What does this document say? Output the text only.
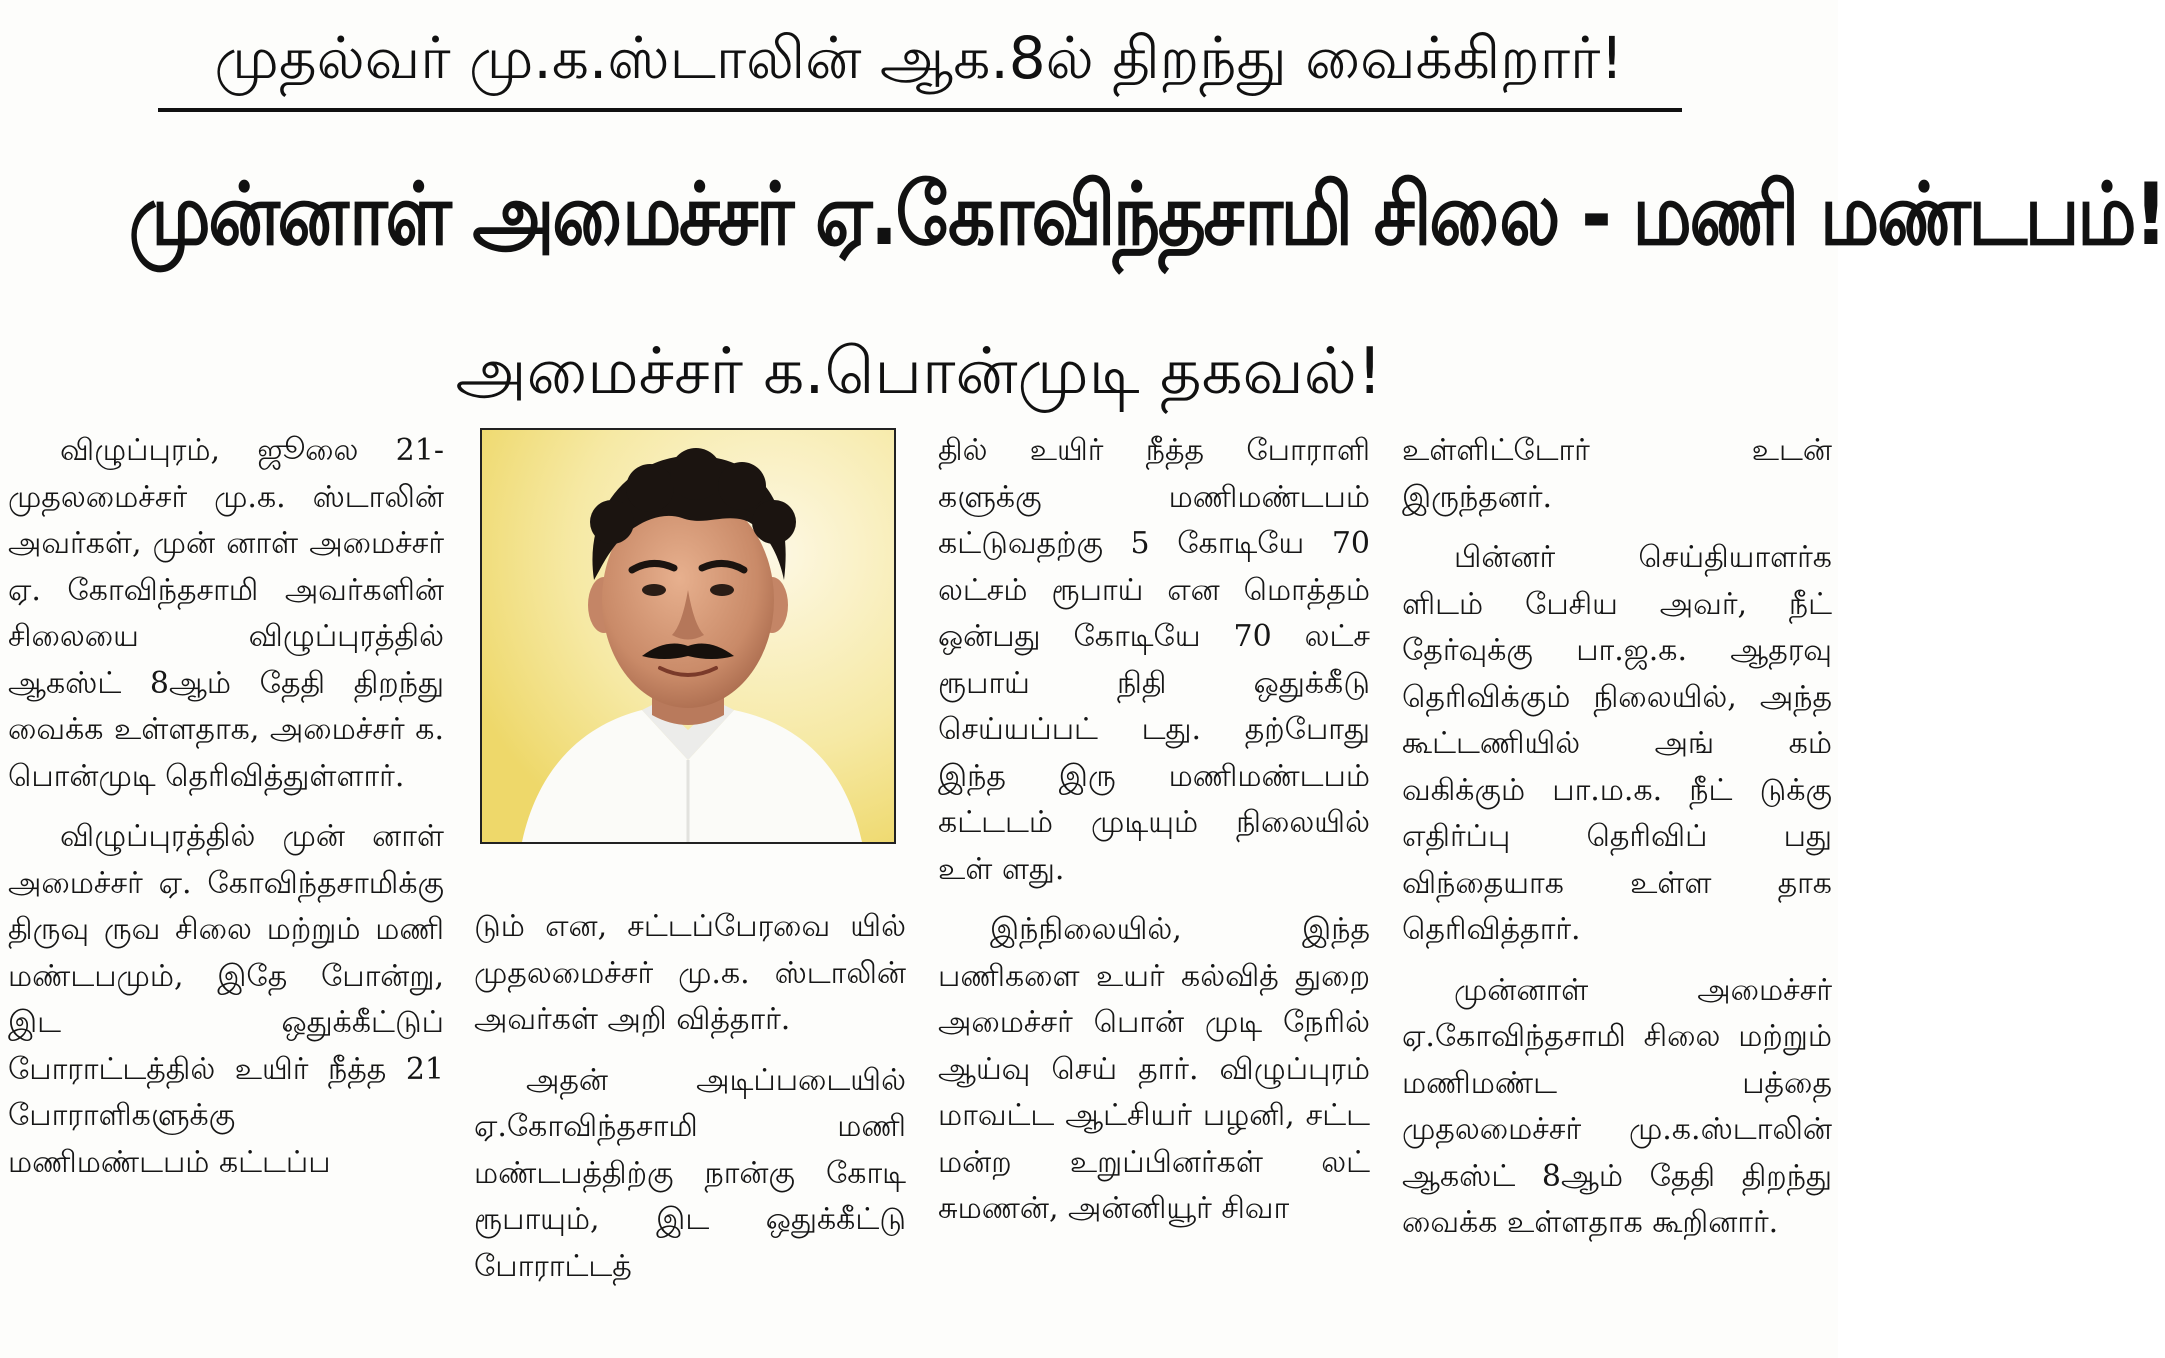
முதல்வர் மு.க.ஸ்டாலின் ஆக.8ல் திறந்து வைக்கிறார்!
முன்னாள் அமைச்சர் ஏ.கோவிந்தசாமி சிலை - மணி மண்டபம்!
அமைச்சர் க.பொன்முடி தகவல்!

விழுப்புரம், ஜூலை 21- முதலமைச்சர் மு.க. ஸ்டாலின் அவர்கள், முன் னாள் அமைச்சர் ஏ. கோவிந்தசாமி அவர்களின் சிலையை விழுப்புரத்தில் ஆகஸ்ட் 8ஆம் தேதி திறந்து வைக்க உள்ளதாக, அமைச்சர் க. பொன்முடி தெரிவித்துள்ளார்.

விழுப்புரத்தில் முன் னாள் அமைச்சர் ஏ. கோவிந்தசாமிக்கு திருவு ருவ சிலை மற்றும் மணி மண்டபமும், இதே போன்று, இட ஒதுக்கீட்டுப் போராட்டத்தில் உயிர் நீத்த 21 போராளிகளுக்கு மணிமண்டபம் கட்டப்ப

டும் என, சட்டப்பேரவை யில் முதலமைச்சர் மு.க. ஸ்டாலின் அவர்கள் அறி வித்தார்.

அதன் அடிப்படையில் ஏ.கோவிந்தசாமி மணி மண்டபத்திற்கு நான்கு கோடி ரூபாயும், இட ஒதுக்கீட்டு போராட்டத்

தில் உயிர் நீத்த போராளி களுக்கு மணிமண்டபம் கட்டுவதற்கு 5 கோடியே 70 லட்சம் ரூபாய் என மொத்தம் ஒன்பது கோடியே 70 லட்ச ரூபாய் நிதி ஒதுக்கீடு செய்யப்பட் டது. தற்போது இந்த இரு மணிமண்டபம் கட்டடம் முடியும் நிலையில் உள் ளது.

இந்நிலையில், இந்த பணிகளை உயர் கல்வித் துறை அமைச்சர் பொன் முடி நேரில் ஆய்வு செய் தார். விழுப்புரம் மாவட்ட ஆட்சியர் பழனி, சட்ட மன்ற உறுப்பினர்கள் லட் சுமணன், அன்னியூர் சிவா

உள்ளிட்டோர் உடன் இருந்தனர்.

பின்னர் செய்தியாளர்க ளிடம் பேசிய அவர், நீட் தேர்வுக்கு பா.ஜ.க. ஆதரவு தெரிவிக்கும் நிலையில், அந்த கூட்டணியில் அங் கம் வகிக்கும் பா.ம.க. நீட் டுக்கு எதிர்ப்பு தெரிவிப் பது விந்தையாக உள்ள தாக தெரிவித்தார்.

முன்னாள் அமைச்சர் ஏ.கோவிந்தசாமி சிலை மற்றும் மணிமண்ட பத்தை முதலமைச்சர் மு.க.ஸ்டாலின் ஆகஸ்ட் 8ஆம் தேதி திறந்து வைக்க உள்ளதாக கூறினார்.
